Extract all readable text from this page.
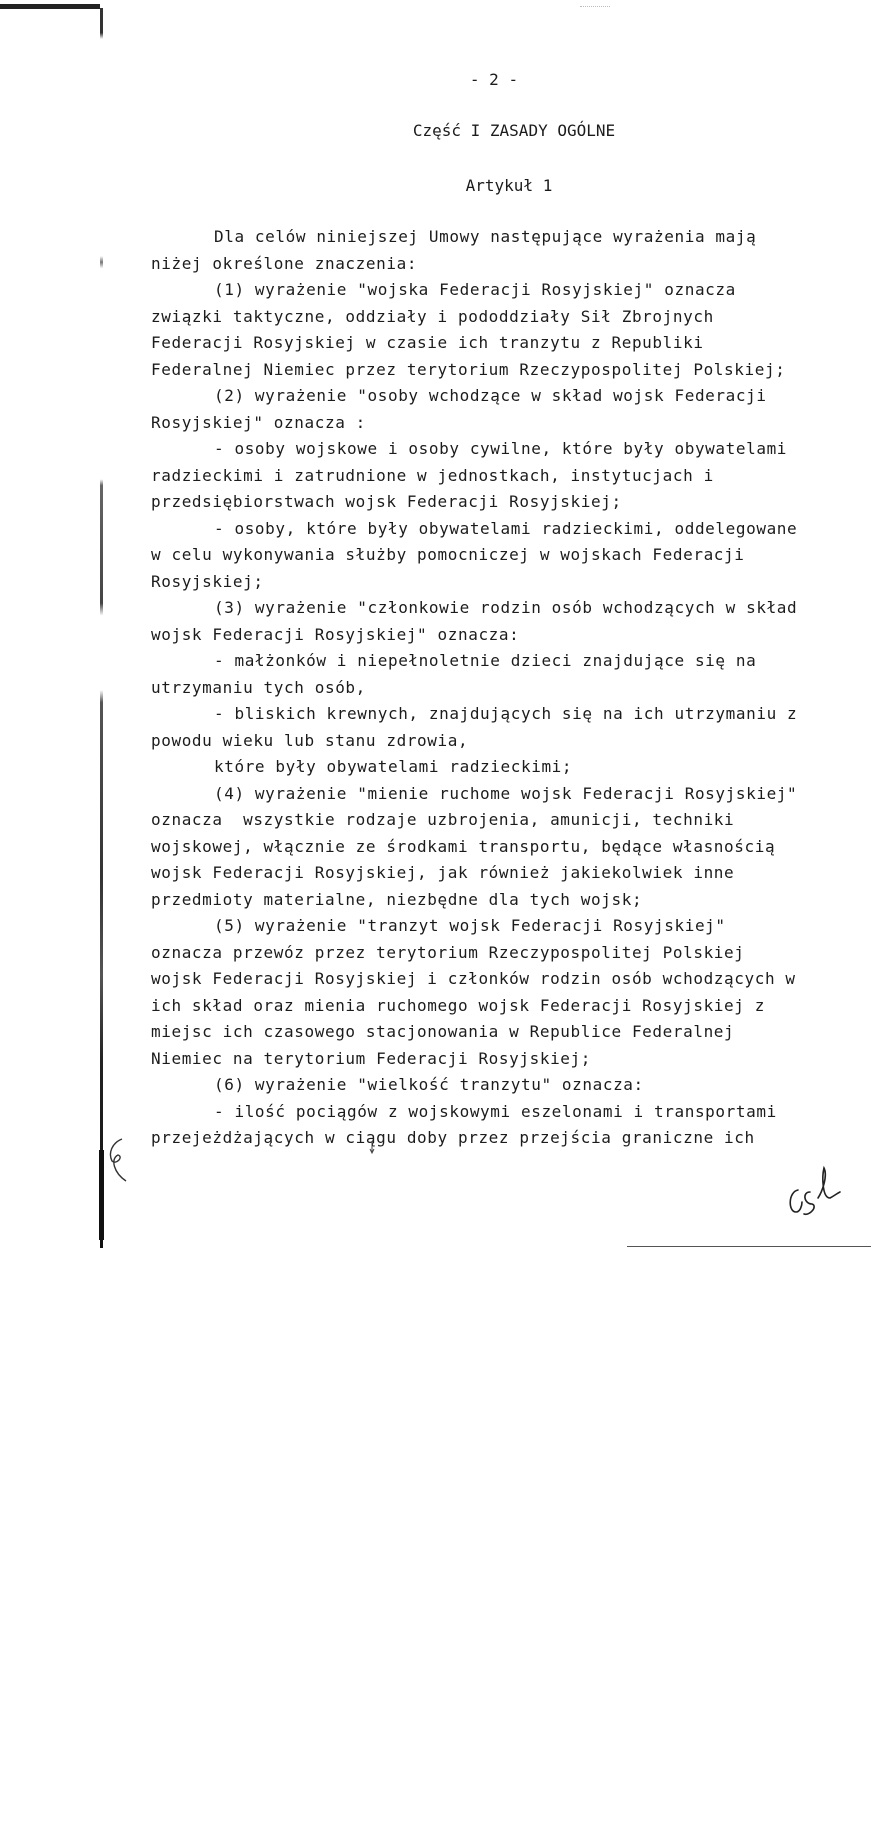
- 2 -
Część I ZASADY OGÓLNE
Artykuł 1
Dla celów niniejszej Umowy następujące wyrażenia mają
niżej określone znaczenia:
(1) wyrażenie "wojska Federacji Rosyjskiej" oznacza
związki taktyczne, oddziały i pododdziały Sił Zbrojnych
Federacji Rosyjskiej w czasie ich tranzytu z Republiki
Federalnej Niemiec przez terytorium Rzeczypospolitej Polskiej;
(2) wyrażenie "osoby wchodzące w skład wojsk Federacji
Rosyjskiej" oznacza :
- osoby wojskowe i osoby cywilne, które były obywatelami
radzieckimi i zatrudnione w jednostkach, instytucjach i
przedsiębiorstwach wojsk Federacji Rosyjskiej;
- osoby, które były obywatelami radzieckimi, oddelegowane
w celu wykonywania służby pomocniczej w wojskach Federacji
Rosyjskiej;
(3) wyrażenie "członkowie rodzin osób wchodzących w skład
wojsk Federacji Rosyjskiej" oznacza:
- małżonków i niepełnoletnie dzieci znajdujące się na
utrzymaniu tych osób,
- bliskich krewnych, znajdujących się na ich utrzymaniu z
powodu wieku lub stanu zdrowia,
które były obywatelami radzieckimi;
(4) wyrażenie "mienie ruchome wojsk Federacji Rosyjskiej"
oznacza  wszystkie rodzaje uzbrojenia, amunicji, techniki
wojskowej, włącznie ze środkami transportu, będące własnością
wojsk Federacji Rosyjskiej, jak również jakiekolwiek inne
przedmioty materialne, niezbędne dla tych wojsk;
(5) wyrażenie "tranzyt wojsk Federacji Rosyjskiej"
oznacza przewóz przez terytorium Rzeczypospolitej Polskiej
wojsk Federacji Rosyjskiej i członków rodzin osób wchodzących w
ich skład oraz mienia ruchomego wojsk Federacji Rosyjskiej z
miejsc ich czasowego stacjonowania w Republice Federalnej
Niemiec na terytorium Federacji Rosyjskiej;
(6) wyrażenie "wielkość tranzytu" oznacza:
- ilość pociągów z wojskowymi eszelonami i transportami
przejeżdżających w ciągu doby przez przejścia graniczne ich
